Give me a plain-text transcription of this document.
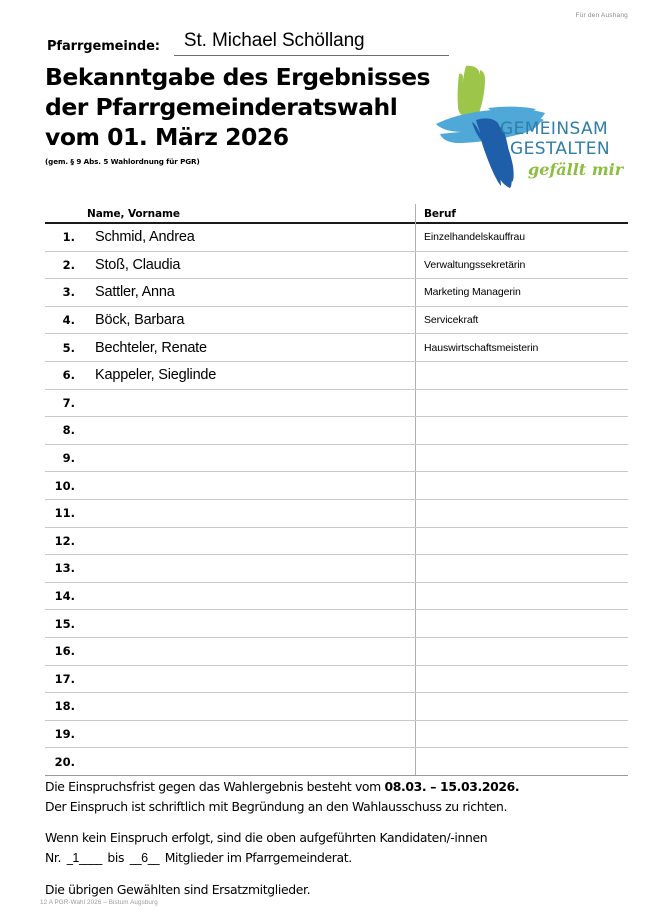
Für den Aushang
Pfarrgemeinde:	St. Michael Schöllang
Bekanntgabe des Ergebnisses
der Pfarrgemeinderatswahl
vom 01. März 2026
(gem. § 9 Abs. 5 Wahlordnung für PGR)
GEMEINSAM
GESTALTEN
gefällt mir
Name, Vorname	Beruf
1.	Schmid, Andrea	Einzelhandelskauffrau
2.	Stoß, Claudia	Verwaltungssekretärin
3.	Sattler, Anna	Marketing Managerin
4.	Böck, Barbara	Servicekraft
5.	Bechteler, Renate	Hauswirtschaftsmeisterin
6.	Kappeler, Sieglinde
7.
8.
9.
10.
11.
12.
13.
14.
15.
16.
17.
18.
19.
20.

Die Einspruchsfrist gegen das Wahlergebnis besteht vom 08.03. – 15.03.2026.

Der Einspruch ist schriftlich mit Begründung an den Wahlausschuss zu richten.

Wenn kein Einspruch erfolgt, sind die oben aufgeführten Kandidaten/-innen

Nr. _1____ bis __6__ Mitglieder im Pfarrgemeinderat.

Die übrigen Gewählten sind Ersatzmitglieder.

12 A PGR-Wahl 2026 – Bistum Augsburg
